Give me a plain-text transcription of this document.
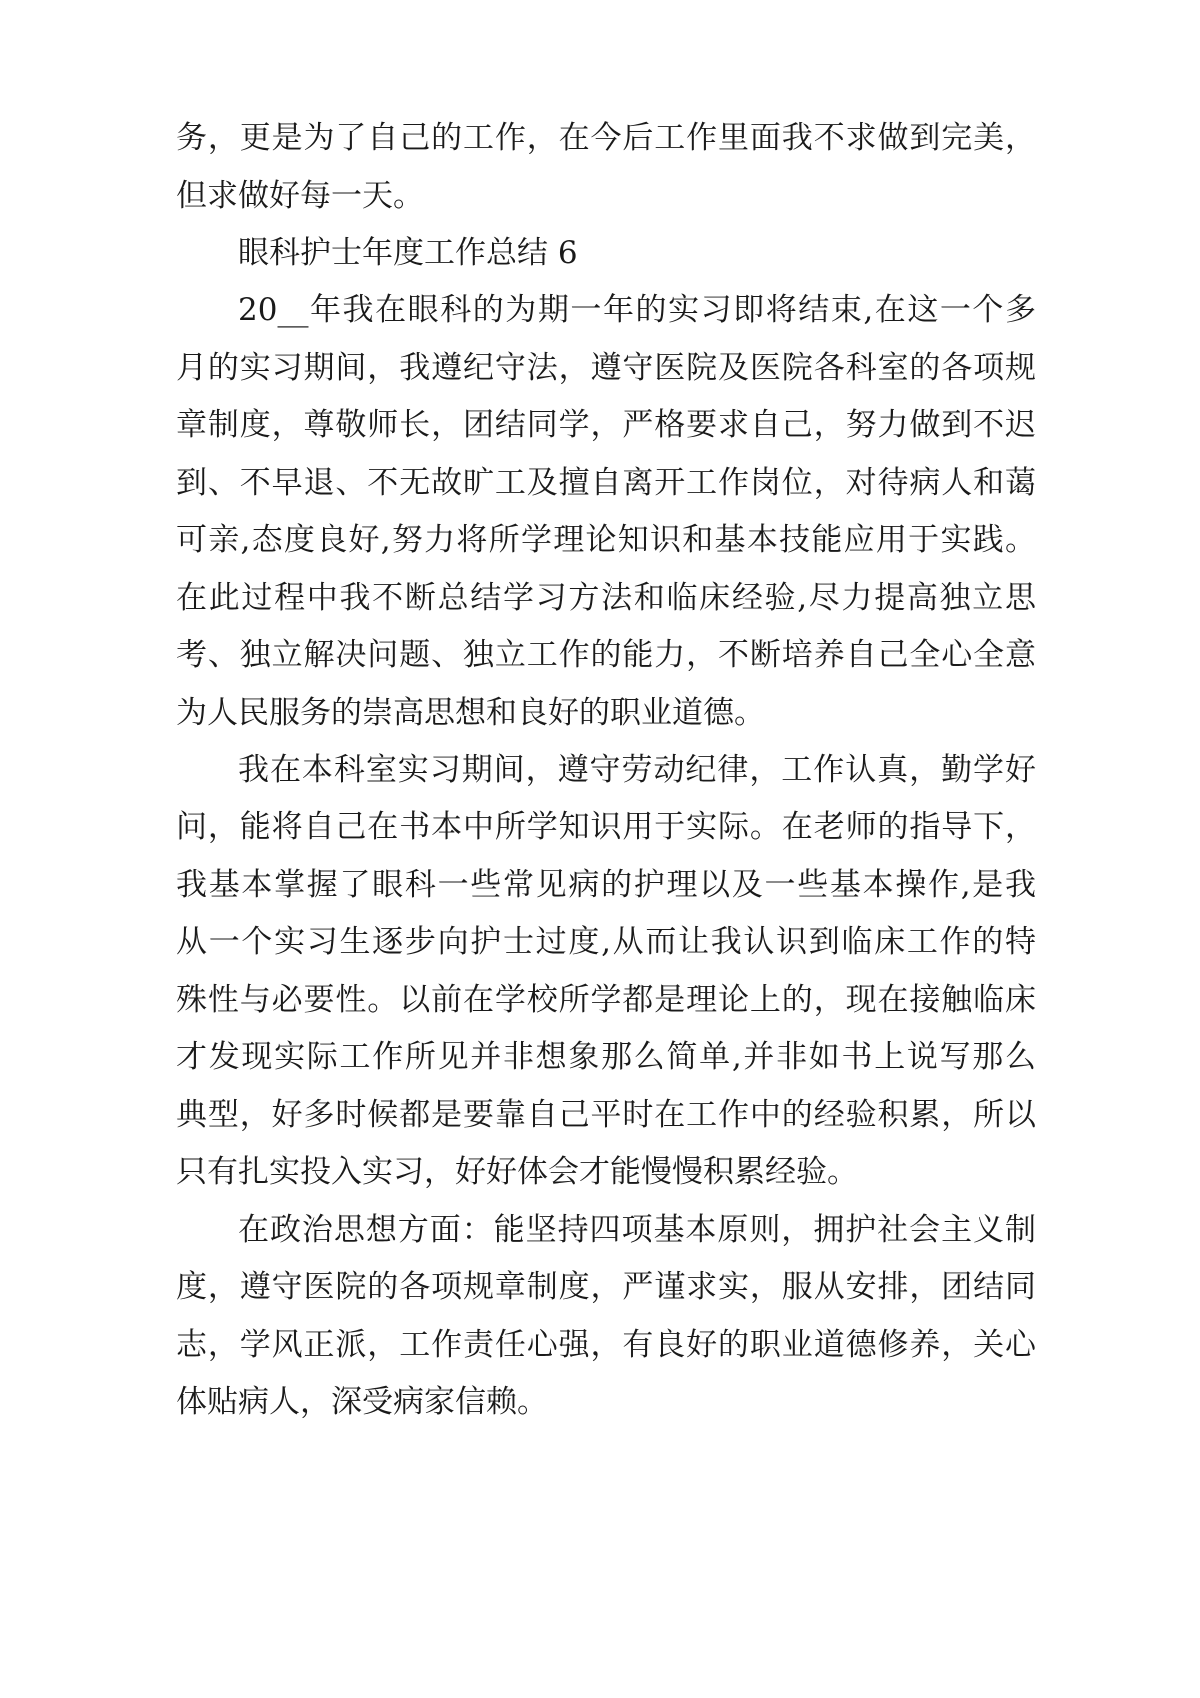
务，更是为了自己的工作，在今后工作里面我不求做到完美，

但求做好每一天。

眼科护士年度工作总结 6

20__年我在眼科的为期一年的实习即将结束,在这一个多

月的实习期间，我遵纪守法，遵守医院及医院各科室的各项规

章制度，尊敬师长，团结同学，严格要求自己，努力做到不迟

到、不早退、不无故旷工及擅自离开工作岗位，对待病人和蔼

可亲,态度良好,努力将所学理论知识和基本技能应用于实践。

在此过程中我不断总结学习方法和临床经验,尽力提高独立思

考、独立解决问题、独立工作的能力，不断培养自己全心全意

为人民服务的崇高思想和良好的职业道德。

我在本科室实习期间，遵守劳动纪律，工作认真，勤学好

问，能将自己在书本中所学知识用于实际。在老师的指导下，

我基本掌握了眼科一些常见病的护理以及一些基本操作,是我

从一个实习生逐步向护士过度,从而让我认识到临床工作的特

殊性与必要性。以前在学校所学都是理论上的，现在接触临床

才发现实际工作所见并非想象那么简单,并非如书上说写那么

典型，好多时候都是要靠自己平时在工作中的经验积累，所以

只有扎实投入实习，好好体会才能慢慢积累经验。

在政治思想方面：能坚持四项基本原则，拥护社会主义制

度，遵守医院的各项规章制度，严谨求实，服从安排，团结同

志，学风正派，工作责任心强，有良好的职业道德修养，关心

体贴病人，深受病家信赖。
